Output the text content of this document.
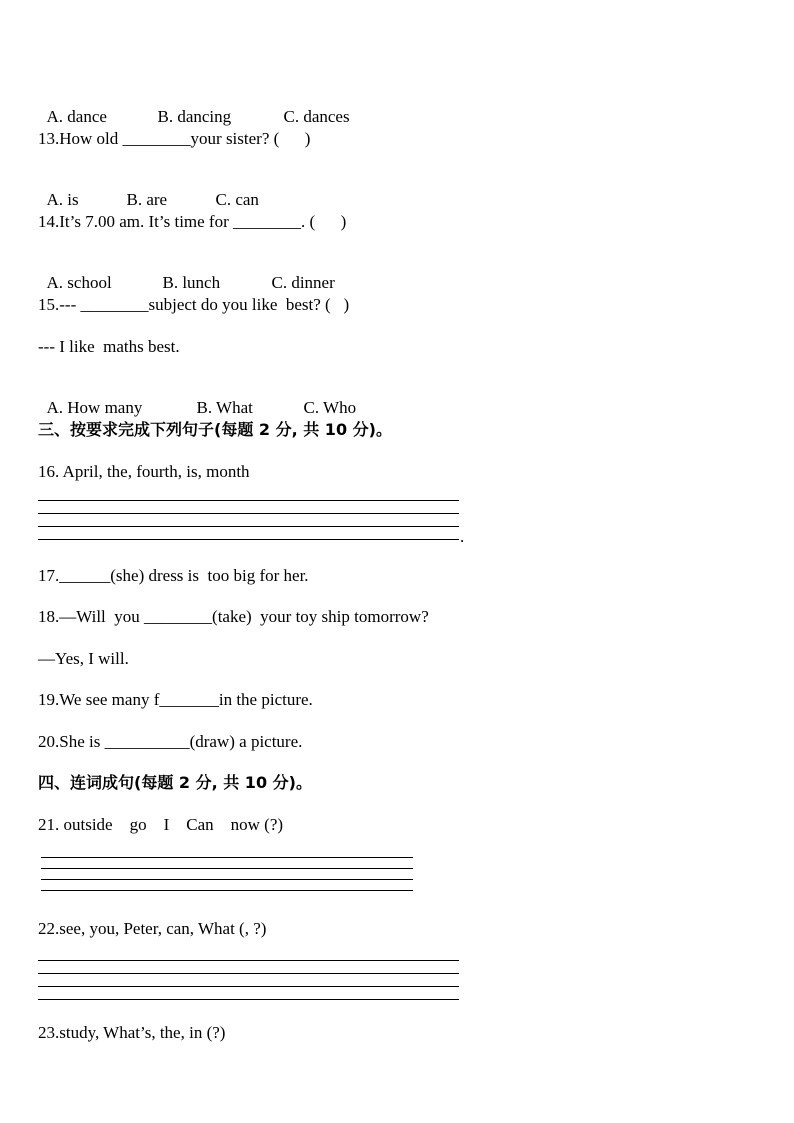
A. dance	B. dancing	C. dances

13.How old ________your sister? (      )

A. is	B. are	C. can

14.It’s 7.00 am. It’s time for ________. (      )

A. school	B. lunch	C. dinner

15.--- ________subject do you like  best? (   )
--- I like  maths best.

A. How many	B. What	C. Who

三、按要求完成下列句子(每题 2 分, 共 10 分)。
16. April, the, fourth, is, month
.
17.______(she) dress is  too big for her.
18.—Will  you ________(take)  your toy ship tomorrow?
—Yes, I will.
19.We see many f_______in the picture.
20.She is __________(draw) a picture.
四、连词成句(每题 2 分, 共 10 分)。
21. outside    go    I    Can    now (?)
22.see, you, Peter, can, What (, ?)
23.study, What’s, the, in (?)
